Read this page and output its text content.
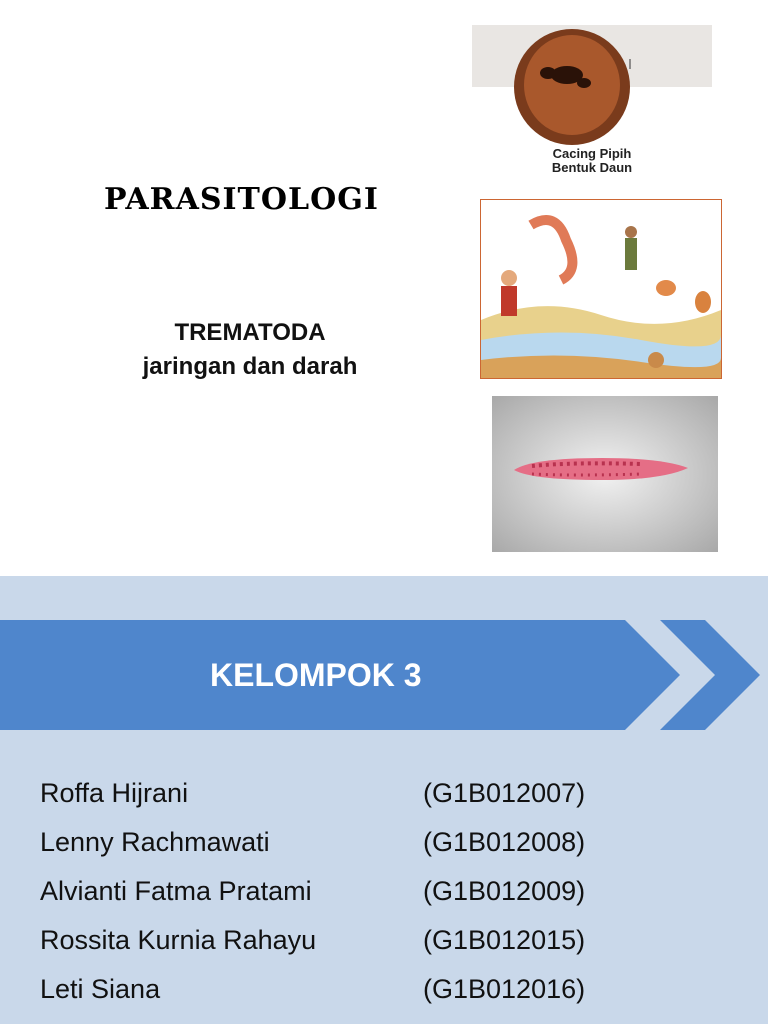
PARASITOLOGI
TREMATODA
jaringan dan darah
Cacing Pipih
Bentuk Daun
KELOMPOK 3
Roffa Hijrani	(G1B012007)
Lenny Rachmawati	(G1B012008)
Alvianti Fatma Pratami	(G1B012009)
Rossita Kurnia Rahayu	(G1B012015)
Leti Siana	(G1B012016)
